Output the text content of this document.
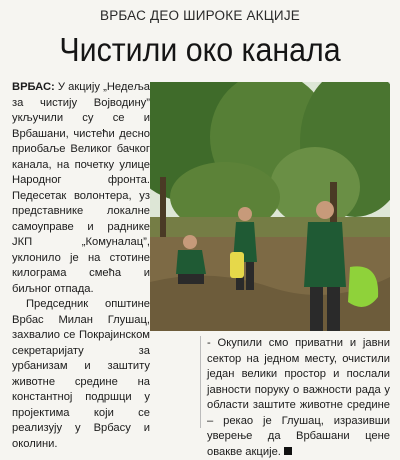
ВРБАС ДЕО ШИРОКЕ АКЦИЈЕ
Чистили око канала

ВРБАС: У акцију „Недеља за чистију Војводину” укључили су се и Врбашани, чистећи десно приобаље Великог бачког канала, на почетку улице Народног фронта. Педесетак волонтера, уз представнике локалне самоуправе и раднике ЈКП „Комуналац”, уклонило је на стотине килограма смећа и биљног отпада.

Председник општине Врбас Милан Глушац, захвалио се Покрајинском секретаријату за урбанизам и заштиту животне средине на константној подршци у пројектима који се реализују у Врбасу и околини.

- Окупили смо приватни и јавни сектор на једном месту, очистили један велики простор и послали јавности поруку о важности рада у области заштите животне средине – рекао је Глушац, изразивши уверење да Врбашани цене овакве акције.
